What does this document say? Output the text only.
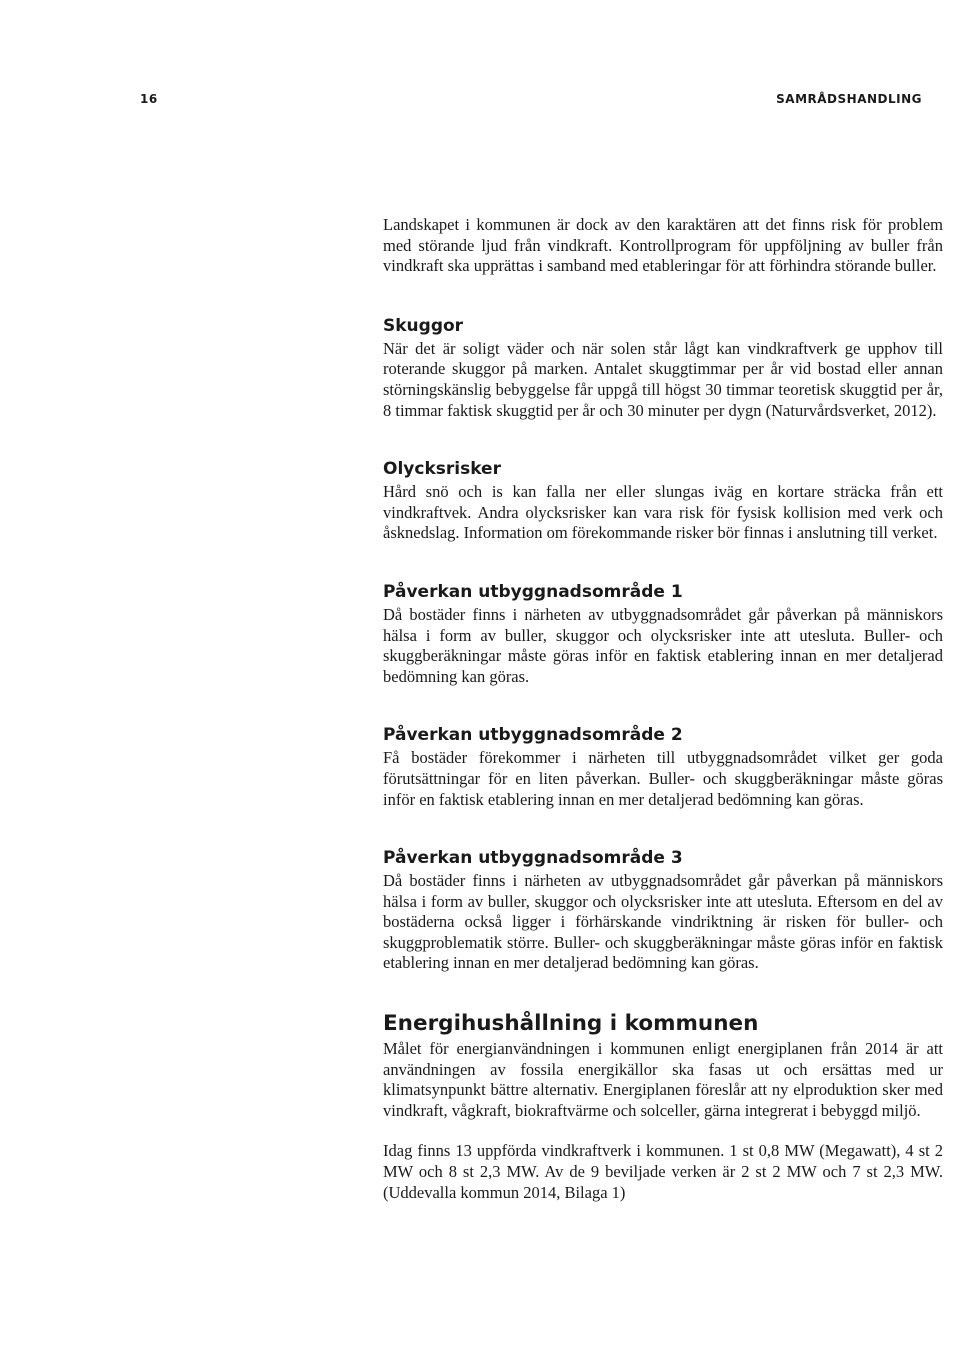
16	SAMRÅDSHANDLING

Landskapet i kommunen är dock av den karaktären att det finns risk för problem med störande ljud från vindkraft. Kontrollprogram för uppföljning av buller från vindkraft ska upprättas i samband med etableringar för att förhindra störande buller.

Skuggor

När det är soligt väder och när solen står lågt kan vindkraftverk ge upphov till roterande skuggor på marken. Antalet skuggtimmar per år vid bostad eller annan störningskänslig bebyggelse får uppgå till högst 30 timmar teoretisk skuggtid per år, 8 timmar faktisk skuggtid per år och 30 minuter per dygn (Naturvårdsverket, 2012).

Olycksrisker

Hård snö och is kan falla ner eller slungas iväg en kortare sträcka från ett vindkraftvek. Andra olycksrisker kan vara risk för fysisk kollision med verk och åsknedslag. Information om förekommande risker bör finnas i anslutning till verket.

Påverkan utbyggnadsområde 1

Då bostäder finns i närheten av utbyggnadsområdet går påverkan på människors hälsa i form av buller, skuggor och olycksrisker inte att utesluta. Buller- och skuggberäkningar måste göras inför en faktisk etablering innan en mer detaljerad bedömning kan göras.

Påverkan utbyggnadsområde 2

Få bostäder förekommer i närheten till utbyggnadsområdet vilket ger goda förutsättningar för en liten påverkan. Buller- och skuggberäkningar måste göras inför en faktisk etablering innan en mer detaljerad bedömning kan göras.

Påverkan utbyggnadsområde 3

Då bostäder finns i närheten av utbyggnadsområdet går påverkan på människors hälsa i form av buller, skuggor och olycksrisker inte att utesluta. Eftersom en del av bostäderna också ligger i förhärskande vindriktning är risken för buller- och skuggproblematik större. Buller- och skuggberäkningar måste göras inför en faktisk etablering innan en mer detaljerad bedömning kan göras.

Energihushållning i kommunen

Målet för energianvändningen i kommunen enligt energiplanen från 2014 är att användningen av fossila energikällor ska fasas ut och ersättas med ur klimatsynpunkt bättre alternativ. Energiplanen föreslår att ny elproduktion sker med vindkraft, vågkraft, biokraftvärme och solceller, gärna integrerat i bebyggd miljö.

Idag finns 13 uppförda vindkraftverk i kommunen. 1 st 0,8 MW (Megawatt), 4 st 2 MW och 8 st 2,3 MW. Av de 9 beviljade verken är 2 st 2 MW och 7 st 2,3 MW. (Uddevalla kommun 2014, Bilaga 1)
